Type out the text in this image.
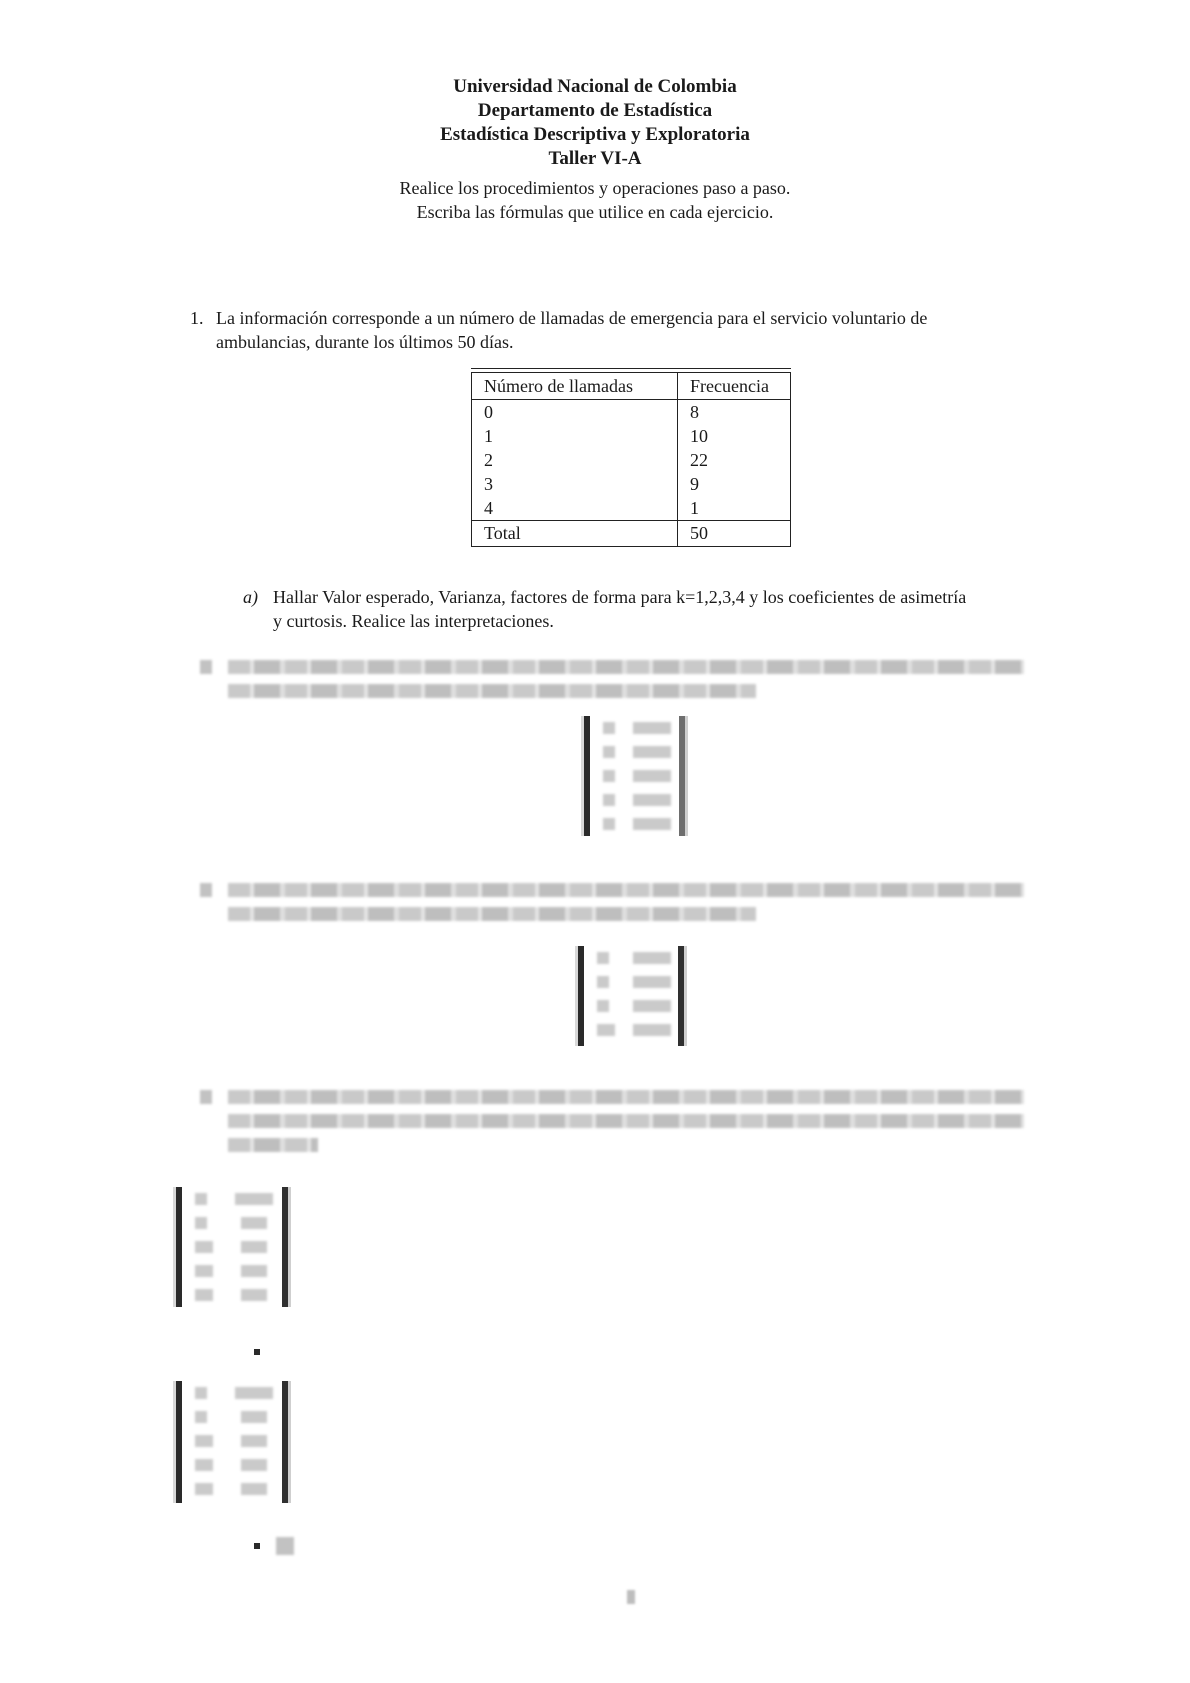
Universidad Nacional de Colombia
Departamento de Estadística
Estadística Descriptiva y Exploratoria
Taller VI-A
Realice los procedimientos y operaciones paso a paso.
Escriba las fórmulas que utilice en cada ejercicio.
1. La información corresponde a un número de llamadas de emergencia para el servicio voluntario de
ambulancias, durante los últimos 50 días.
Número de llamadas	Frecuencia
0	8
1	10
2	22
3	9
4	1
Total	50
a) Hallar Valor esperado, Varianza, factores de forma para k=1,2,3,4 y los coeficientes de asimetría
y curtosis. Realice las interpretaciones.
